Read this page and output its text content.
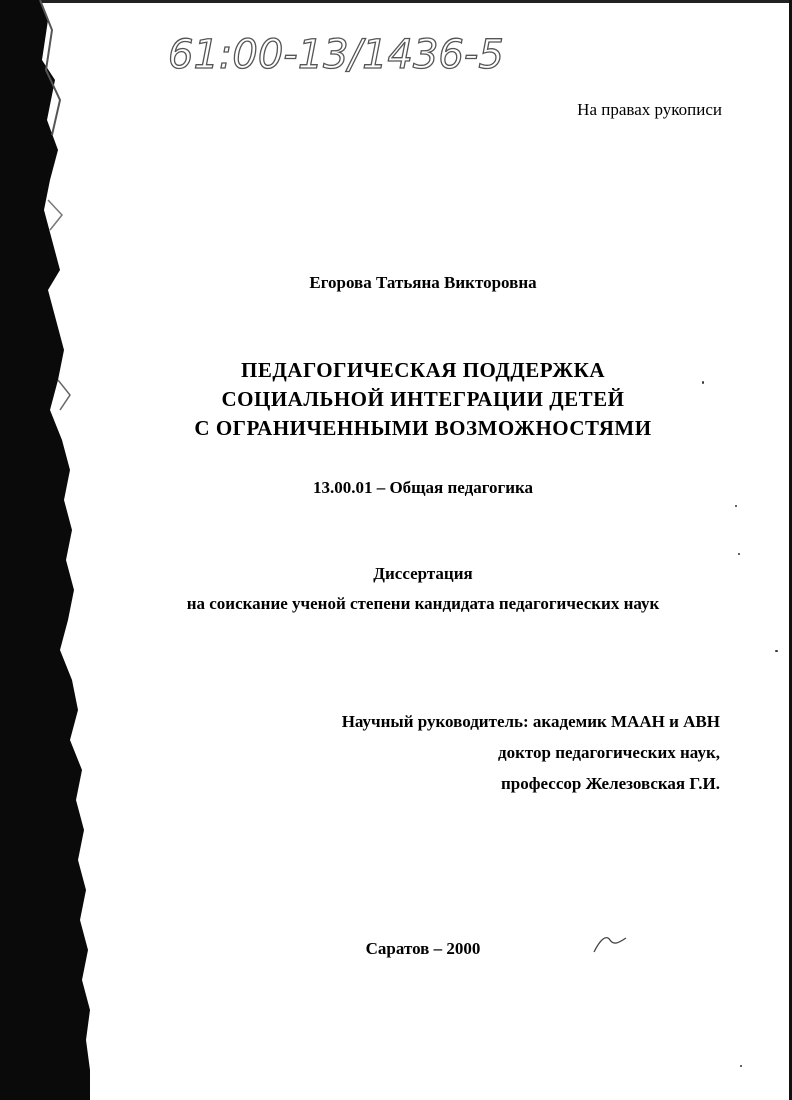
61:00-13/1436-5
На правах рукописи
Егорова Татьяна Викторовна
ПЕДАГОГИЧЕСКАЯ ПОДДЕРЖКА
СОЦИАЛЬНОЙ ИНТЕГРАЦИИ ДЕТЕЙ
С ОГРАНИЧЕННЫМИ ВОЗМОЖНОСТЯМИ
13.00.01 – Общая педагогика
Диссертация
на соискание ученой степени кандидата педагогических наук
Научный руководитель: академик МААН и АВН
доктор педагогических наук,
профессор Железовская Г.И.
Саратов – 2000
